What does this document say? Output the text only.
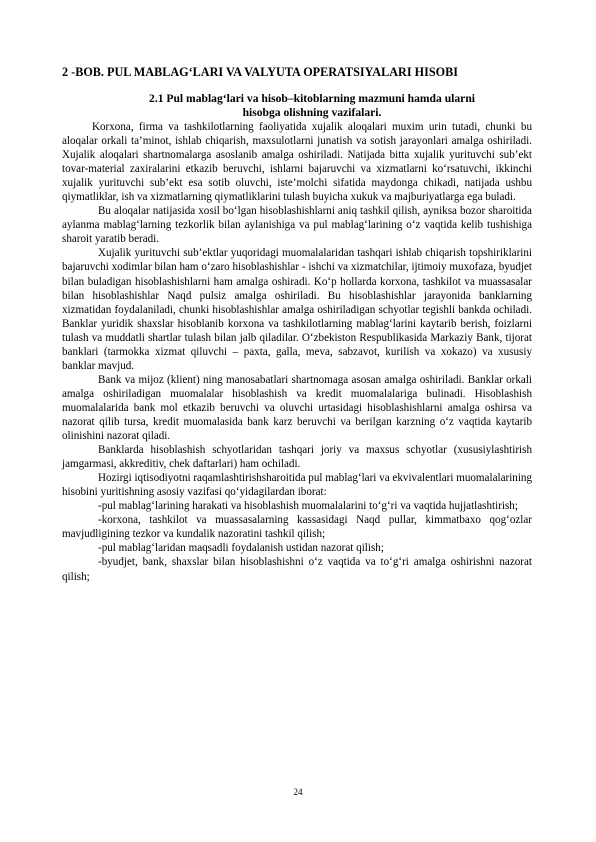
2 -BOB. PUL MABLAG‘LARI VA VALYUTA OPERATSIYALARI HISOBI
2.1 Pul mablag‘lari va hisob–kitoblarning mazmuni hamda ularni
hisobga olishning vazifalari.

Korxona, firma va tashkilotlarning faoliyatida xujalik aloqalari muxim urin tutadi, chunki bu aloqalar orkali ta’minot, ishlab chiqarish, maxsulotlarni junatish va sotish jarayonlari amalga oshiriladi. Xujalik aloqalari shartnomalarga asoslanib amalga oshiriladi. Natijada bitta xujalik yurituvchi sub’ekt tovar-material zaxiralarini etkazib beruvchi, ishlarni bajaruvchi va xizmatlarni ko‘rsatuvchi, ikkinchi xujalik yurituvchi sub’ekt esa sotib oluvchi, iste’molchi sifatida maydonga chikadi, natijada ushbu qiymatliklar, ish va xizmatlarning qiymatliklarini tulash buyicha xukuk va majburiyatlarga ega buladi.

Bu aloqalar natijasida xosil bo‘lgan hisoblashishlarni aniq tashkil qilish, ayniksa bozor sharoitida aylanma mablag‘larning tezkorlik bilan aylanishiga va pul mablag‘larining o‘z vaqtida kelib tushishiga sharoit yaratib beradi.

Xujalik yurituvchi sub’ektlar yuqoridagi muomalalaridan tashqari ishlab chiqarish topshiriklarini bajaruvchi xodimlar bilan ham o‘zaro hisoblashishlar - ishchi va xizmatchilar, ijtimoiy muxofaza, byudjet bilan buladigan hisoblashishlarni ham amalga oshiradi. Ko‘p hollarda korxona, tashkilot va muassasalar bilan hisoblashishlar Naqd pulsiz amalga oshiriladi. Bu hisoblashishlar jarayonida banklarning xizmatidan foydalaniladi, chunki hisoblashishlar amalga oshiriladigan schyotlar tegishli bankda ochiladi. Banklar yuridik shaxslar hisoblanib korxona va tashkilotlarning mablag‘larini kaytarib berish, foizlarni tulash va muddatli shartlar tulash bilan jalb qiladilar. O‘zbekiston Respublikasida Markaziy Bank, tijorat banklari (tarmokka xizmat qiluvchi – paxta, galla, meva, sabzavot, kurilish va xokazo) va xususiy banklar mavjud.

Bank va mijoz (klient) ning manosabatlari shartnomaga asosan amalga oshiriladi. Banklar orkali amalga oshiriladigan muomalalar hisoblashish va kredit muomalalariga bulinadi. Hisoblashish muomalalarida bank mol etkazib beruvchi va oluvchi urtasidagi hisoblashishlarni amalga oshirsa va nazorat qilib tursa, kredit muomalasida bank karz beruvchi va berilgan karzning o‘z vaqtida kaytarib olinishini nazorat qiladi.

Banklarda hisoblashish schyotlaridan tashqari joriy va maxsus schyotlar (xususiylashtirish jamgarmasi, akkreditiv, chek daftarlari) ham ochiladi.

Hozirgi iqtisodiyotni raqamlashtirishsharoitida pul mablag‘lari va ekvivalentlari muomalalarining hisobini yuritishning asosiy vazifasi qo‘yidagilardan iborat:

-pul mablag‘larining harakati va hisoblashish muomalalarini to‘g‘ri va vaqtida hujjatlashtirish;

-korxona, tashkilot va muassasalarning kassasidagi Naqd pullar, kimmatbaxo qog‘ozlar mavjudligining tezkor va kundalik nazoratini tashkil qilish;

-pul mablag‘laridan maqsadli foydalanish ustidan nazorat qilish;

-byudjet, bank, shaxslar bilan hisoblashishni o‘z vaqtida va to‘g‘ri amalga oshirishni nazorat qilish;

24
